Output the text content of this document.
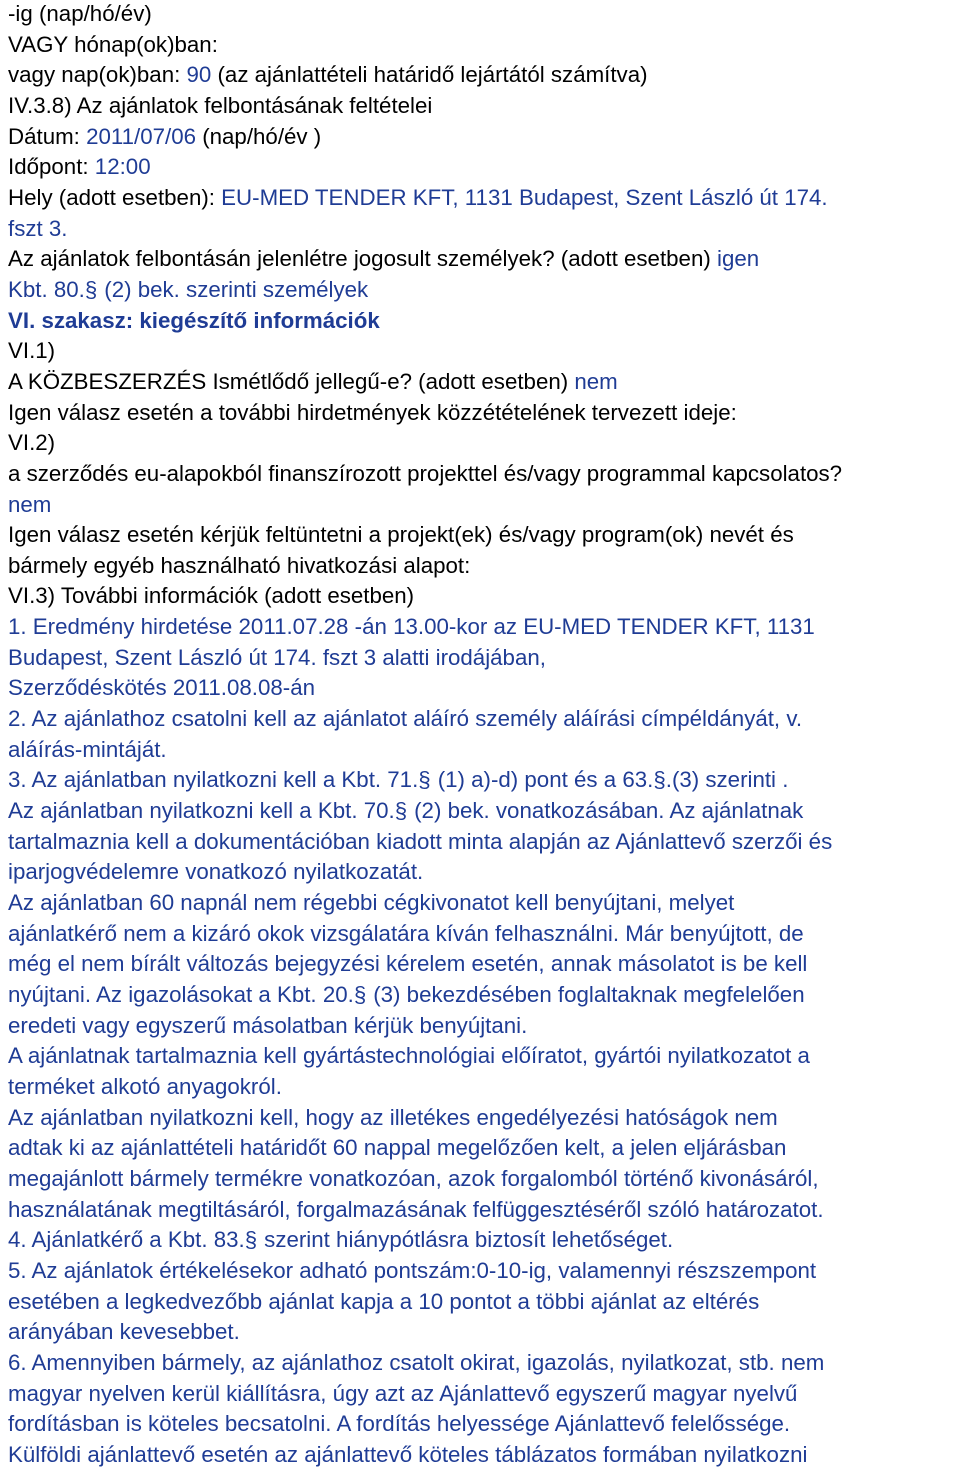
-ig (nap/hó/év)
VAGY hónap(ok)ban:
vagy nap(ok)ban: 90 (az ajánlattételi határidő lejártától számítva)
IV.3.8) Az ajánlatok felbontásának feltételei
Dátum: 2011/07/06 (nap/hó/év )
Időpont: 12:00
Hely (adott esetben): EU-MED TENDER KFT, 1131 Budapest, Szent László út 174.
fszt 3.
Az ajánlatok felbontásán jelenlétre jogosult személyek? (adott esetben) igen
Kbt. 80.§ (2) bek. szerinti személyek
VI. szakasz: kiegészítő információk
VI.1)
A KÖZBESZERZÉS Ismétlődő jellegű-e? (adott esetben) nem
Igen válasz esetén a további hirdetmények közzétételének tervezett ideje:
VI.2)
a szerződés eu-alapokból finanszírozott projekttel és/vagy programmal kapcsolatos?
nem
Igen válasz esetén kérjük feltüntetni a projekt(ek) és/vagy program(ok) nevét és
bármely egyéb használható hivatkozási alapot:
VI.3) További információk (adott esetben)
1. Eredmény hirdetése 2011.07.28 -án 13.00-kor az EU-MED TENDER KFT, 1131
Budapest, Szent László út 174. fszt 3 alatti irodájában,
Szerződéskötés 2011.08.08-án
2. Az ajánlathoz csatolni kell az ajánlatot aláíró személy aláírási címpéldányát, v.
aláírás-mintáját.
3. Az ajánlatban nyilatkozni kell a Kbt. 71.§ (1) a)-d) pont és a 63.§.(3) szerinti .
Az ajánlatban nyilatkozni kell a Kbt. 70.§ (2) bek. vonatkozásában. Az ajánlatnak
tartalmaznia kell a dokumentációban kiadott minta alapján az Ajánlattevő szerzői és
iparjogvédelemre vonatkozó nyilatkozatát.
Az ajánlatban 60 napnál nem régebbi cégkivonatot kell benyújtani, melyet
ajánlatkérő nem a kizáró okok vizsgálatára kíván felhasználni. Már benyújtott, de
még el nem bírált változás bejegyzési kérelem esetén, annak másolatot is be kell
nyújtani. Az igazolásokat a Kbt. 20.§ (3) bekezdésében foglaltaknak megfelelően
eredeti vagy egyszerű másolatban kérjük benyújtani.
A ajánlatnak tartalmaznia kell gyártástechnológiai előíratot, gyártói nyilatkozatot a
terméket alkotó anyagokról.
Az ajánlatban nyilatkozni kell, hogy az illetékes engedélyezési hatóságok nem
adtak ki az ajánlattételi határidőt 60 nappal megelőzően kelt, a jelen eljárásban
megajánlott bármely termékre vonatkozóan, azok forgalomból történő kivonásáról,
használatának megtiltásáról, forgalmazásának felfüggesztéséről szóló határozatot.
4. Ajánlatkérő a Kbt. 83.§ szerint hiánypótlásra biztosít lehetőséget.
5. Az ajánlatok értékelésekor adható pontszám:0-10-ig, valamennyi részszempont
esetében a legkedvezőbb ajánlat kapja a 10 pontot a többi ajánlat az eltérés
arányában kevesebbet.
6. Amennyiben bármely, az ajánlathoz csatolt okirat, igazolás, nyilatkozat, stb. nem
magyar nyelven kerül kiállításra, úgy azt az Ajánlattevő egyszerű magyar nyelvű
fordításban is köteles becsatolni. A fordítás helyessége Ajánlattevő felelőssége.
Külföldi ajánlattevő esetén az ajánlattevő köteles táblázatos formában nyilatkozni
